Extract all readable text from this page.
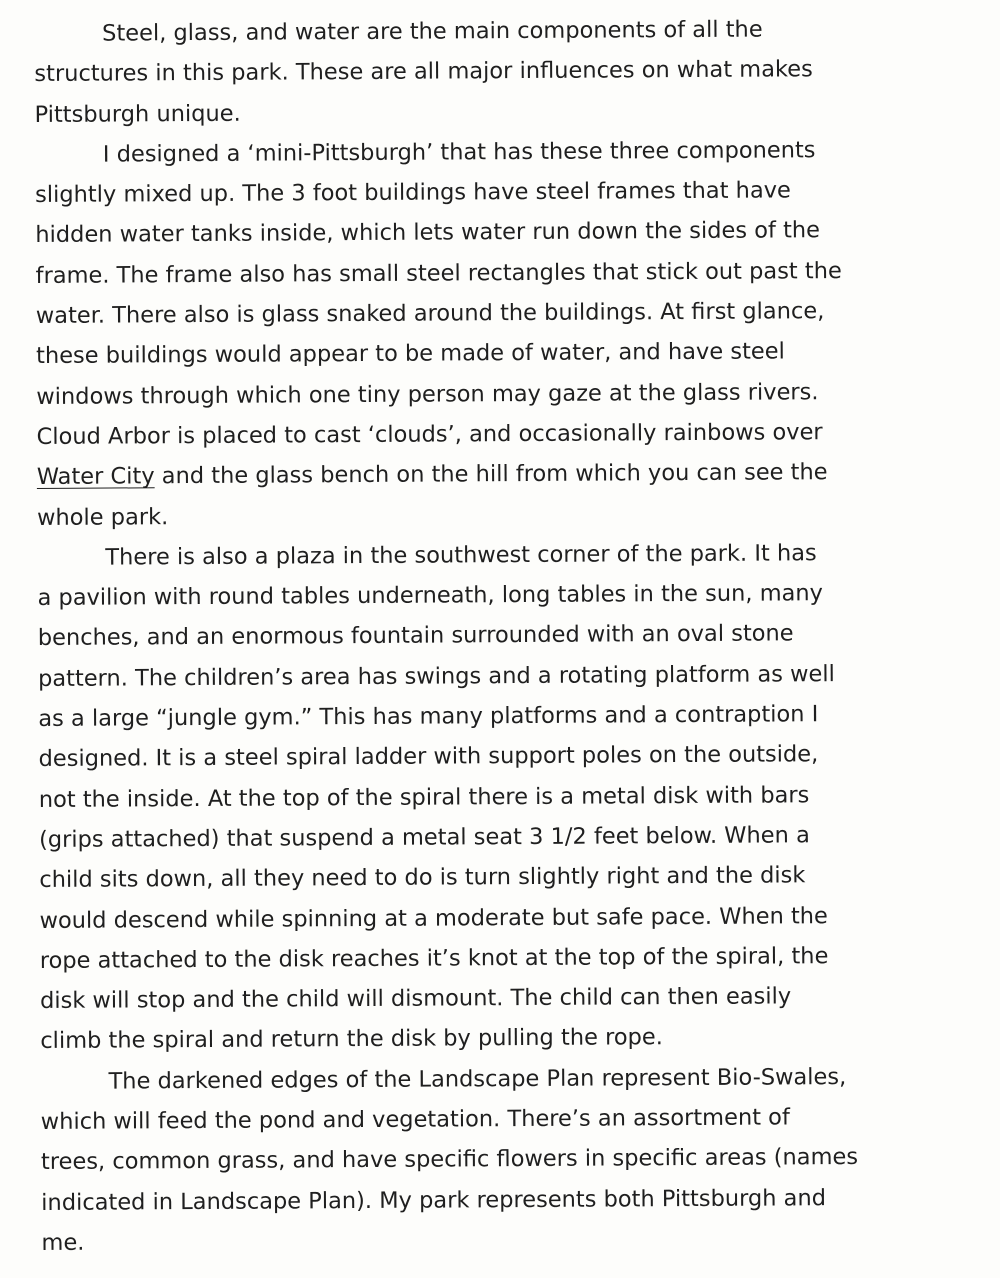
Steel, glass, and water are the main components of all the
structures in this park. These are all major influences on what makes
Pittsburgh unique.
I designed a ‘mini-Pittsburgh’ that has these three components
slightly mixed up. The 3 foot buildings have steel frames that have
hidden water tanks inside, which lets water run down the sides of the
frame. The frame also has small steel rectangles that stick out past the
water. There also is glass snaked around the buildings. At first glance,
these buildings would appear to be made of water, and have steel
windows through which one tiny person may gaze at the glass rivers.
Cloud Arbor is placed to cast ‘clouds’, and occasionally rainbows over
Water City and the glass bench on the hill from which you can see the
whole park.
There is also a plaza in the southwest corner of the park. It has
a pavilion with round tables underneath, long tables in the sun, many
benches, and an enormous fountain surrounded with an oval stone
pattern. The children’s area has swings and a rotating platform as well
as a large “jungle gym.” This has many platforms and a contraption I
designed. It is a steel spiral ladder with support poles on the outside,
not the inside. At the top of the spiral there is a metal disk with bars
(grips attached) that suspend a metal seat 3 1/2 feet below. When a
child sits down, all they need to do is turn slightly right and the disk
would descend while spinning at a moderate but safe pace. When the
rope attached to the disk reaches it’s knot at the top of the spiral, the
disk will stop and the child will dismount. The child can then easily
climb the spiral and return the disk by pulling the rope.
The darkened edges of the Landscape Plan represent Bio-Swales,
which will feed the pond and vegetation. There’s an assortment of
trees, common grass, and have specific flowers in specific areas (names
indicated in Landscape Plan). My park represents both Pittsburgh and
me.
